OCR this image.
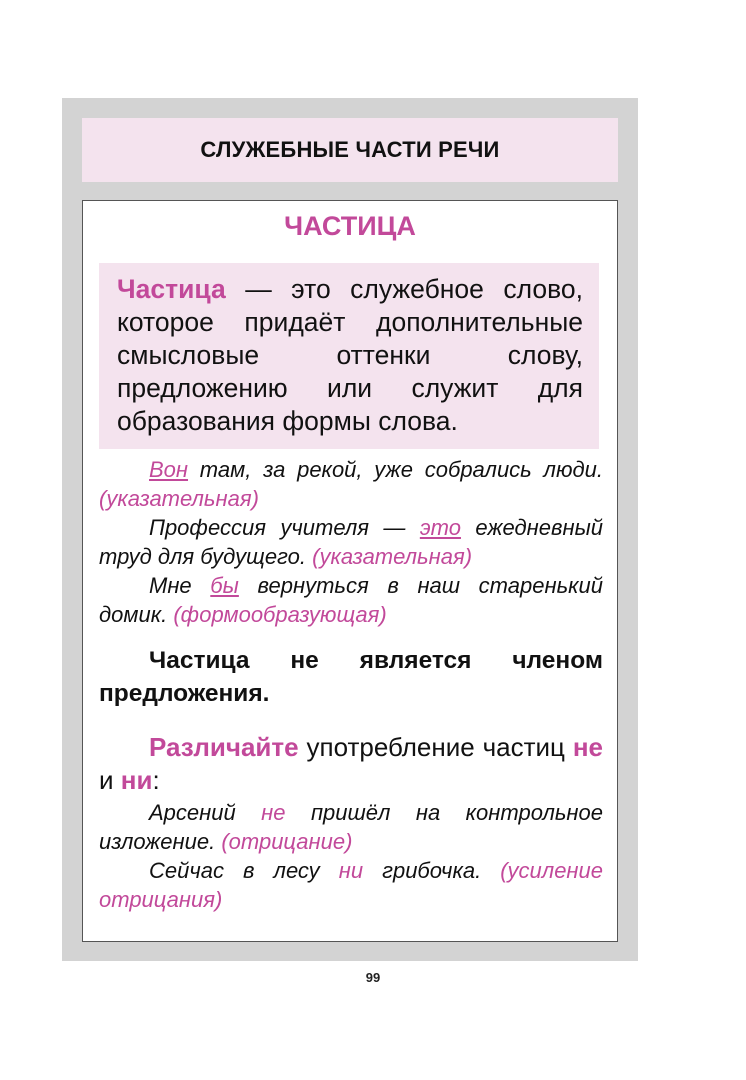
СЛУЖЕБНЫЕ ЧАСТИ РЕЧИ
ЧАСТИЦА
Частица — это служебное слово, которое придаёт дополнительные смысловые оттенки слову, предложению или служит для образования формы слова.

Вон там, за рекой, уже собрались люди. (указательная)

Профессия учителя — это ежедневный труд для будущего. (указательная)

Мне бы вернуться в наш старенький домик. (формообразующая)

Частица не является членом предложения.

Различайте употребление частиц не и ни:

Арсений не пришёл на контрольное изложение. (отрицание)

Сейчас в лесу ни грибочка. (усиление отрицания)

99
